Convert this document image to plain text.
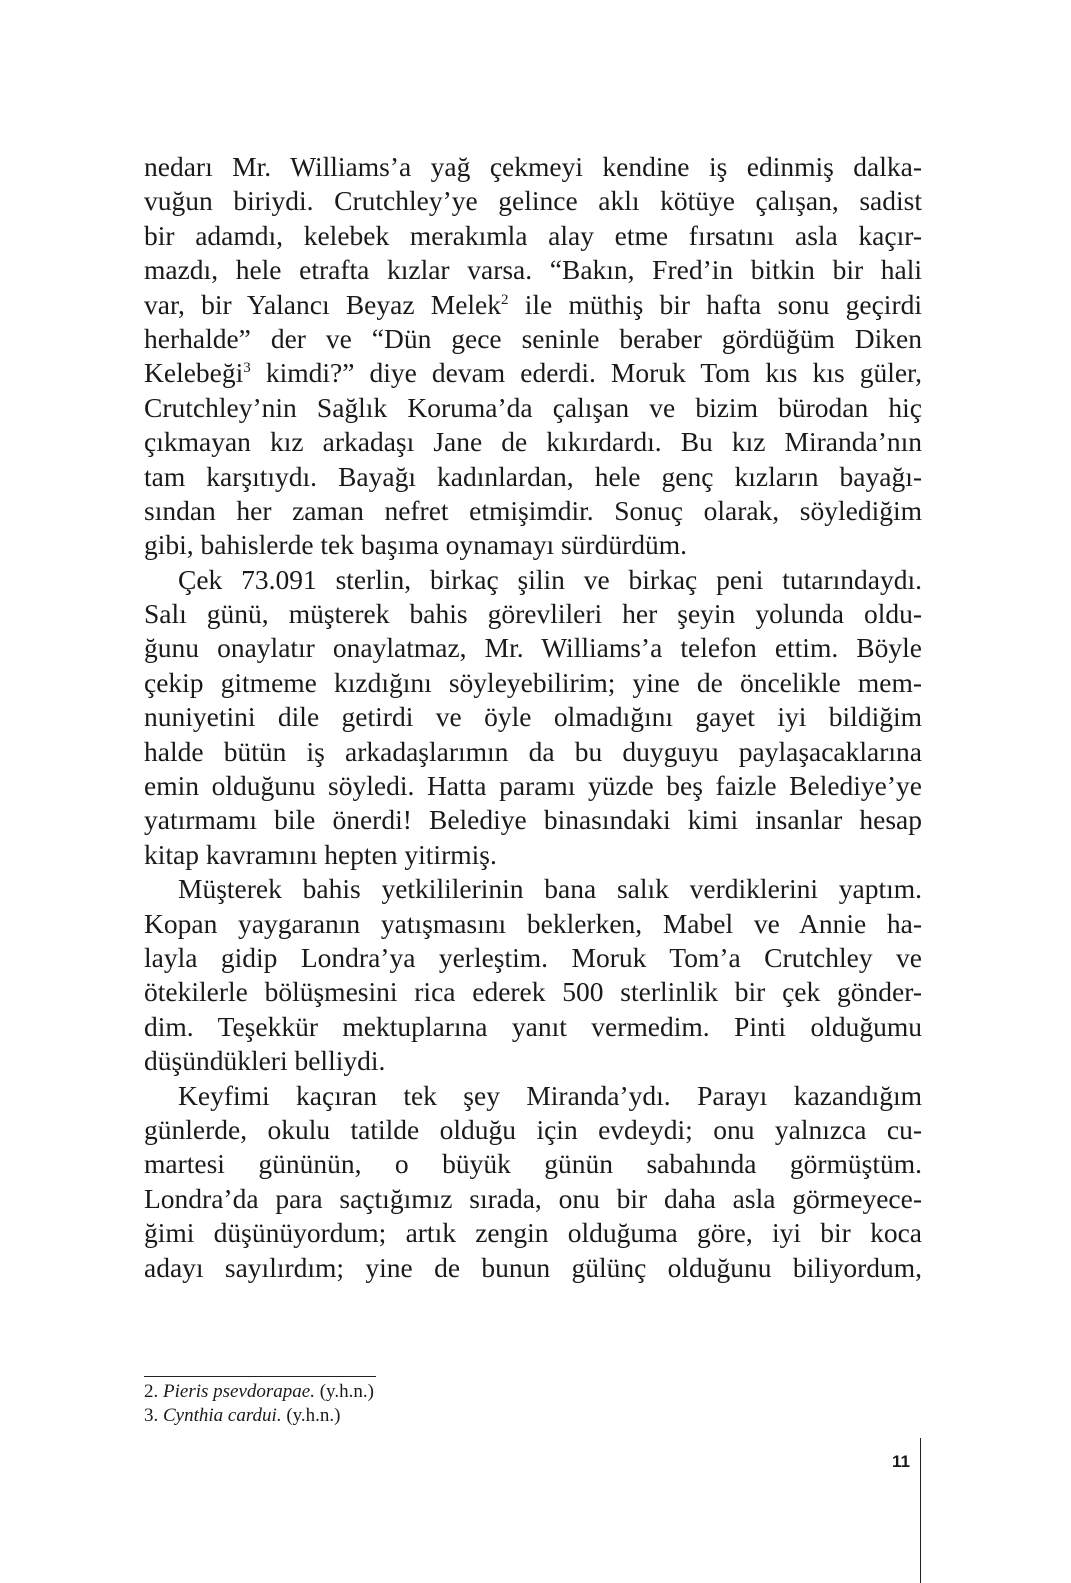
nedarı Mr. Williams’a yağ çekmeyi kendine iş edinmiş dalka-
vuğun biriydi. Crutchley’ye gelince aklı kötüye çalışan, sadist
bir adamdı, kelebek merakımla alay etme fırsatını asla kaçır-
mazdı, hele etrafta kızlar varsa. “Bakın, Fred’in bitkin bir hali
var, bir Yalancı Beyaz Melek$^2$ ile müthiş bir hafta sonu geçirdi
herhalde” der ve “Dün gece seninle beraber gördüğüm Diken
Kelebeği$^3$ kimdi?” diye devam ederdi. Moruk Tom kıs kıs güler,
Crutchley’nin Sağlık Koruma’da çalışan ve bizim bürodan hiç
çıkmayan kız arkadaşı Jane de kıkırdardı. Bu kız Miranda’nın
tam karşıtıydı. Bayağı kadınlardan, hele genç kızların bayağı-
sından her zaman nefret etmişimdir. Sonuç olarak, söylediğim
gibi, bahislerde tek başıma oynamayı sürdürdüm.
Çek 73.091 sterlin, birkaç şilin ve birkaç peni tutarındaydı.
Salı günü, müşterek bahis görevlileri her şeyin yolunda oldu-
ğunu onaylatır onaylatmaz, Mr. Williams’a telefon ettim. Böyle
çekip gitmeme kızdığını söyleyebilirim; yine de öncelikle mem-
nuniyetini dile getirdi ve öyle olmadığını gayet iyi bildiğim
halde bütün iş arkadaşlarımın da bu duyguyu paylaşacaklarına
emin olduğunu söyledi. Hatta paramı yüzde beş faizle Belediye’ye
yatırmamı bile önerdi! Belediye binasındaki kimi insanlar hesap
kitap kavramını hepten yitirmiş.
Müşterek bahis yetkililerinin bana salık verdiklerini yaptım.
Kopan yaygaranın yatışmasını beklerken, Mabel ve Annie ha-
layla gidip Londra’ya yerleştim. Moruk Tom’a Crutchley ve
ötekilerle bölüşmesini rica ederek 500 sterlinlik bir çek gönder-
dim. Teşekkür mektuplarına yanıt vermedim. Pinti olduğumu
düşündükleri belliydi.
Keyfimi kaçıran tek şey Miranda’ydı. Parayı kazandığım
günlerde, okulu tatilde olduğu için evdeydi; onu yalnızca cu-
martesi gününün, o büyük günün sabahında görmüştüm.
Londra’da para saçtığımız sırada, onu bir daha asla görmeyece-
ğimi düşünüyordum; artık zengin olduğuma göre, iyi bir koca
adayı sayılırdım; yine de bunun gülünç olduğunu biliyordum,
2. Pieris psevdorapae. (y.h.n.)
3. Cynthia cardui. (y.h.n.)
11
